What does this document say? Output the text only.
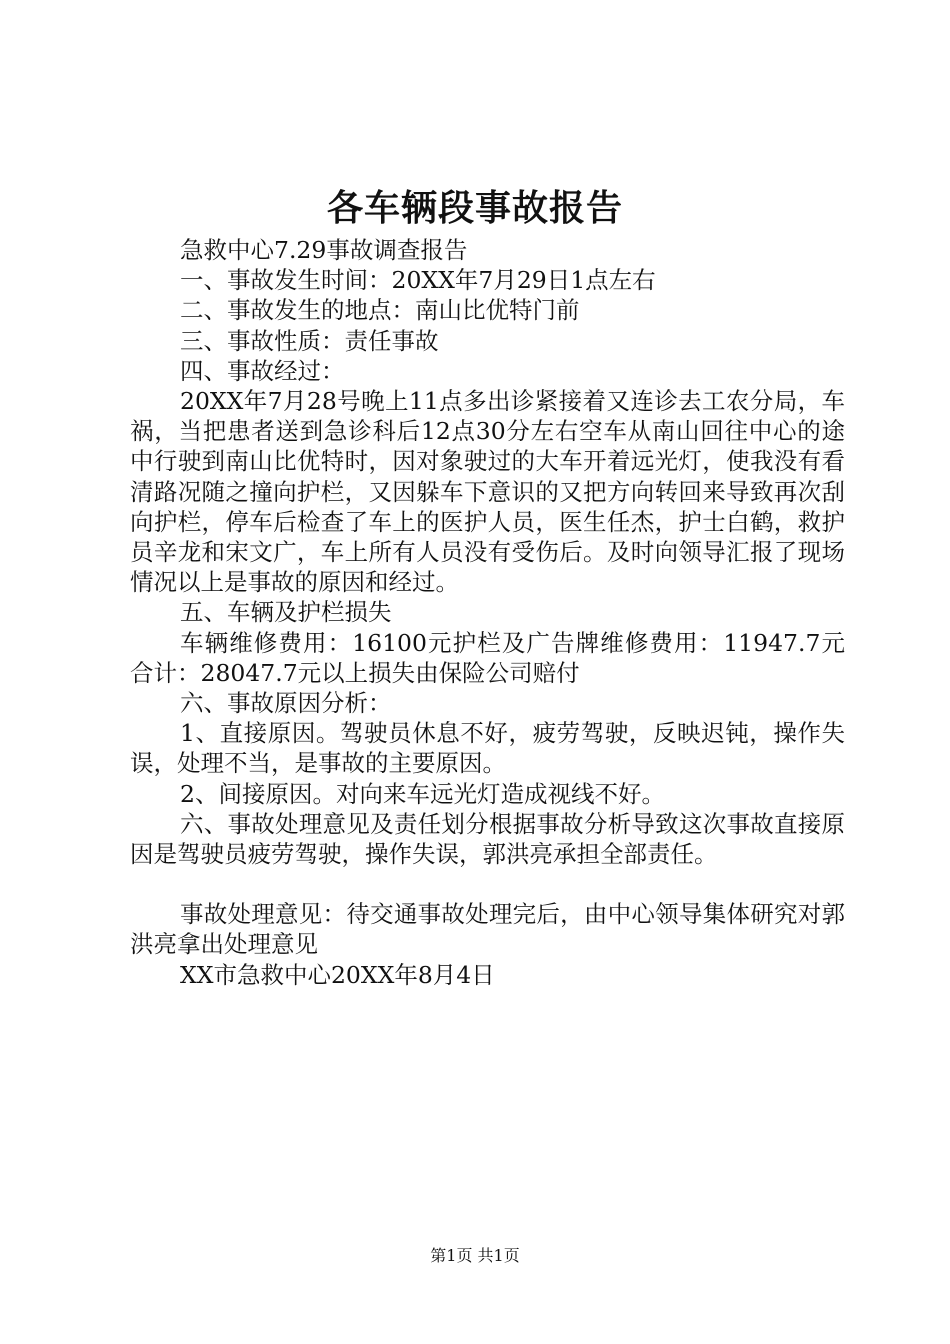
各车辆段事故报告

急救中心7.29事故调查报告

一、事故发生时间：20XX年7月29日1点左右

二、事故发生的地点：南山比优特门前

三、事故性质：责任事故

四、事故经过：

20XX年7月28号晚上11点多出诊紧接着又连诊去工农分局，车祸，当把患者送到急诊科后12点30分左右空车从南山回往中心的途中行驶到南山比优特时，因对象驶过的大车开着远光灯，使我没有看清路况随之撞向护栏，又因躲车下意识的又把方向转回来导致再次刮向护栏，停车后检查了车上的医护人员，医生任杰，护士白鹤，救护员辛龙和宋文广，车上所有人员没有受伤后。及时向领导汇报了现场情况以上是事故的原因和经过。

五、车辆及护栏损失

车辆维修费用：16100元护栏及广告牌维修费用：11947.7元合计：28047.7元以上损失由保险公司赔付

六、事故原因分析：

1、直接原因。驾驶员休息不好，疲劳驾驶，反映迟钝，操作失误，处理不当，是事故的主要原因。

2、间接原因。对向来车远光灯造成视线不好。

六、事故处理意见及责任划分根据事故分析导致这次事故直接原因是驾驶员疲劳驾驶，操作失误，郭洪亮承担全部责任。

事故处理意见：待交通事故处理完后，由中心领导集体研究对郭洪亮拿出处理意见

XX市急救中心20XX年8月4日

第1页 共1页
